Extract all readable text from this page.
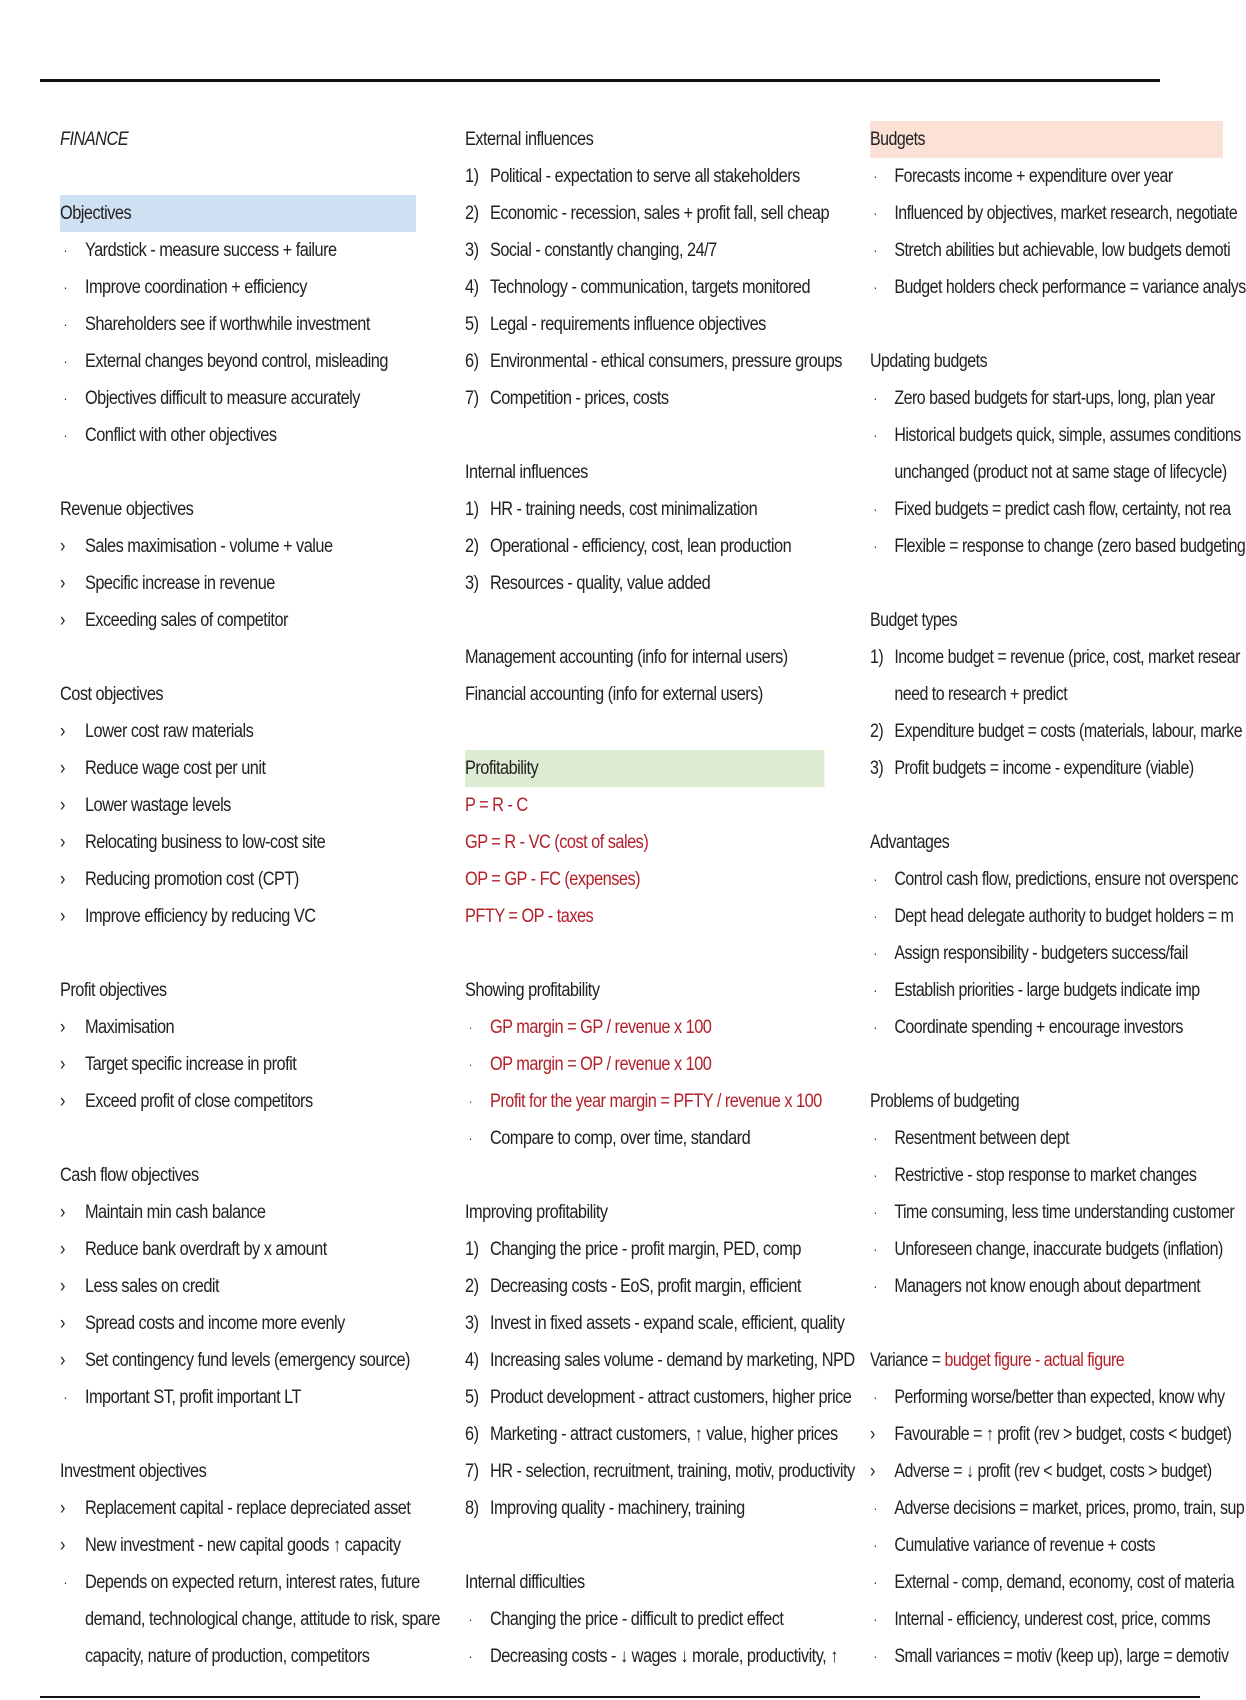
FINANCE
Objectives
· Yardstick - measure success + failure
· Improve coordination + efficiency
· Shareholders see if worthwhile investment
· External changes beyond control, misleading
· Objectives difficult to measure accurately
· Conflict with other objectives
Revenue objectives
›	Sales maximisation - volume + value
›	Specific increase in revenue
›	Exceeding sales of competitor
Cost objectives
›	Lower cost raw materials
›	Reduce wage cost per unit
›	Lower wastage levels
›	Relocating business to low-cost site
›	Reducing promotion cost (CPT)
›	Improve efficiency by reducing VC
Profit objectives
›	Maximisation
›	Target specific increase in profit
›	Exceed profit of close competitors
Cash flow objectives
›	Maintain min cash balance
›	Reduce bank overdraft by x amount
›	Less sales on credit
›	Spread costs and income more evenly
›	Set contingency fund levels (emergency source)
· Important ST, profit important LT
Investment objectives
›	Replacement capital - replace depreciated asset
›	New investment - new capital goods ↑ capacity
· Depends on expected return, interest rates, future
demand, technological change, attitude to risk, spare
capacity, nature of production, competitors
External influences
1) Political - expectation to serve all stakeholders
2) Economic - recession, sales + profit fall, sell cheap
3) Social - constantly changing, 24/7
4) Technology - communication, targets monitored
5) Legal - requirements influence objectives
6) Environmental - ethical consumers, pressure groups
7) Competition - prices, costs
Internal influences
1) HR - training needs, cost minimalization
2) Operational - efficiency, cost, lean production
3) Resources - quality, value added
Management accounting (info for internal users)
Financial accounting (info for external users)
Profitability
P = R - C
GP = R - VC (cost of sales)
OP = GP - FC (expenses)
PFTY = OP - taxes
Showing profitability
· GP margin = GP / revenue x 100
· OP margin = OP / revenue x 100
· Profit for the year margin = PFTY / revenue x 100
· Compare to comp, over time, standard
Improving profitability
1) Changing the price - profit margin, PED, comp
2) Decreasing costs - EoS, profit margin, efficient
3) Invest in fixed assets - expand scale, efficient, quality
4) Increasing sales volume - demand by marketing, NPD
5) Product development - attract customers, higher price
6) Marketing - attract customers, ↑ value, higher prices
7) HR - selection, recruitment, training, motiv, productivity
8) Improving quality - machinery, training
Internal difficulties
· Changing the price - difficult to predict effect
· Decreasing costs - ↓ wages ↓ morale, productivity, ↑
Budgets
· Forecasts income + expenditure over year
· Influenced by objectives, market research, negotiate
· Stretch abilities but achievable, low budgets demoti
· Budget holders check performance = variance analys
Updating budgets
· Zero based budgets for start-ups, long, plan year
· Historical budgets quick, simple, assumes conditions
unchanged (product not at same stage of lifecycle)
· Fixed budgets = predict cash flow, certainty, not rea
· Flexible = response to change (zero based budgeting
Budget types
1) Income budget = revenue (price, cost, market resear
need to research + predict
2) Expenditure budget = costs (materials, labour, marke
3) Profit budgets = income - expenditure (viable)
Advantages
· Control cash flow, predictions, ensure not overspenc
· Dept head delegate authority to budget holders = m
· Assign responsibility - budgeters success/fail
· Establish priorities - large budgets indicate imp
· Coordinate spending + encourage investors
Problems of budgeting
· Resentment between dept
· Restrictive - stop response to market changes
· Time consuming, less time understanding customer
· Unforeseen change, inaccurate budgets (inflation)
· Managers not know enough about department
Variance = budget figure - actual figure
· Performing worse/better than expected, know why
›	Favourable = ↑ profit (rev > budget, costs < budget)
›	Adverse = ↓ profit (rev < budget, costs > budget)
· Adverse decisions = market, prices, promo, train, sup
· Cumulative variance of revenue + costs
· External - comp, demand, economy, cost of materia
· Internal - efficiency, underest cost, price, comms
· Small variances = motiv (keep up), large = demotiv
